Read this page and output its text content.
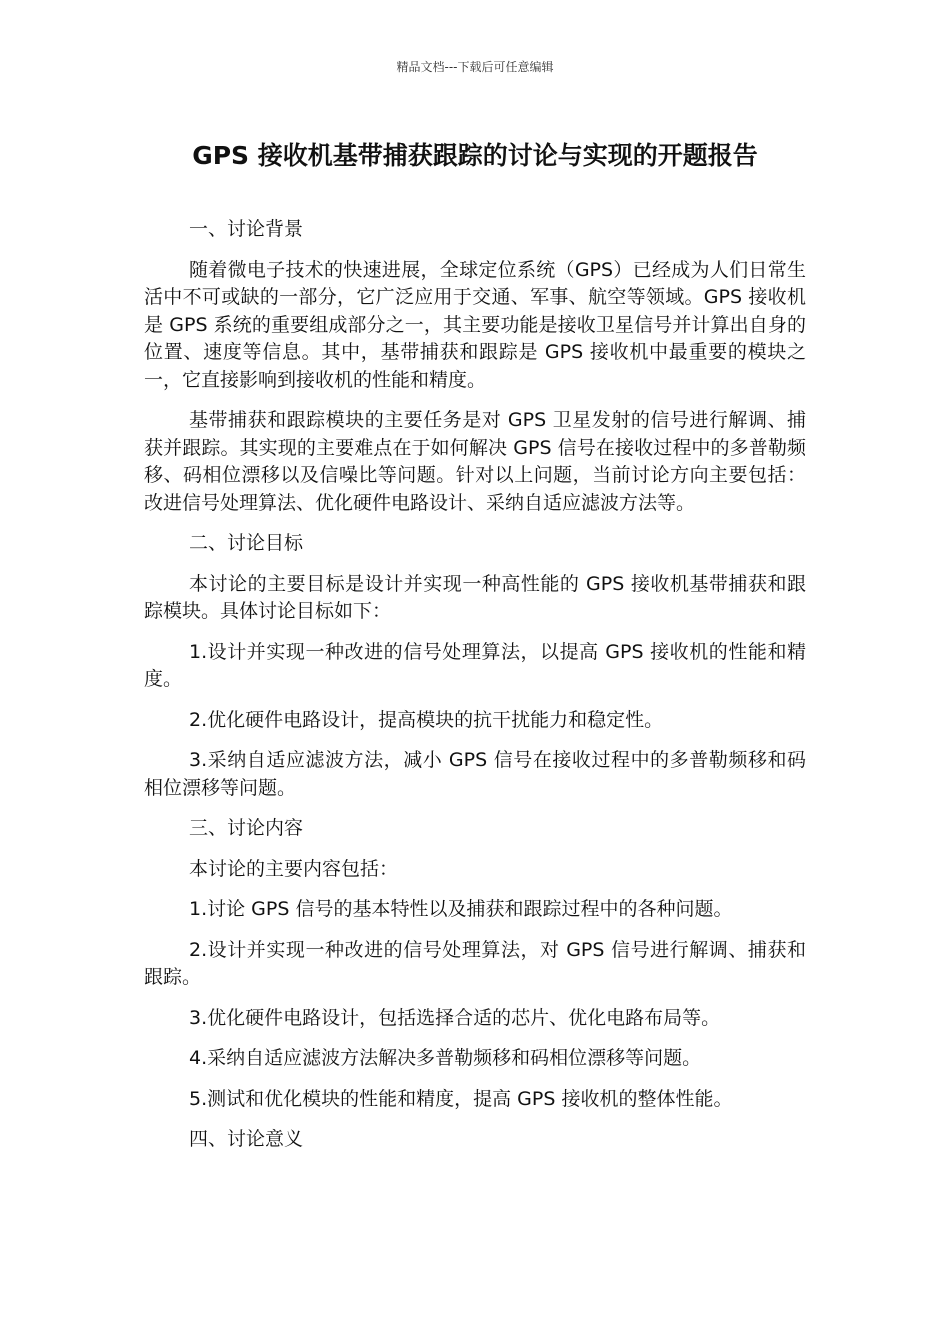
精品文档---下载后可任意编辑
GPS 接收机基带捕获跟踪的讨论与实现的开题报告

一、讨论背景

随着微电子技术的快速进展，全球定位系统（GPS）已经成为人们日常生活中不可或缺的一部分，它广泛应用于交通、军事、航空等领域。GPS 接收机是 GPS 系统的重要组成部分之一，其主要功能是接收卫星信号并计算出自身的位置、速度等信息。其中，基带捕获和跟踪是 GPS 接收机中最重要的模块之一，它直接影响到接收机的性能和精度。

基带捕获和跟踪模块的主要任务是对 GPS 卫星发射的信号进行解调、捕获并跟踪。其实现的主要难点在于如何解决 GPS 信号在接收过程中的多普勒频移、码相位漂移以及信噪比等问题。针对以上问题，当前讨论方向主要包括：改进信号处理算法、优化硬件电路设计、采纳自适应滤波方法等。

二、讨论目标

本讨论的主要目标是设计并实现一种高性能的 GPS 接收机基带捕获和跟踪模块。具体讨论目标如下：

1.设计并实现一种改进的信号处理算法，以提高 GPS 接收机的性能和精度。

2.优化硬件电路设计，提高模块的抗干扰能力和稳定性。

3.采纳自适应滤波方法，减小 GPS 信号在接收过程中的多普勒频移和码相位漂移等问题。

三、讨论内容

本讨论的主要内容包括：

1.讨论 GPS 信号的基本特性以及捕获和跟踪过程中的各种问题。

2.设计并实现一种改进的信号处理算法，对 GPS 信号进行解调、捕获和跟踪。

3.优化硬件电路设计，包括选择合适的芯片、优化电路布局等。

4.采纳自适应滤波方法解决多普勒频移和码相位漂移等问题。

5.测试和优化模块的性能和精度，提高 GPS 接收机的整体性能。

四、讨论意义
